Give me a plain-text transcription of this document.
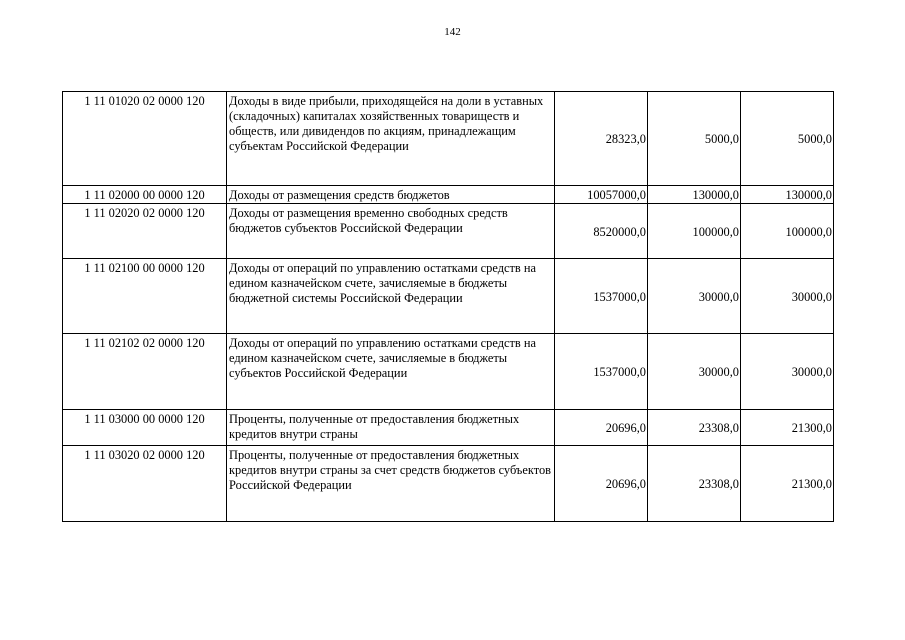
142
1 11 01020 02 0000 120	Доходы в виде прибыли, приходящейся на доли в уставных (складочных) капиталах хозяйственных товариществ и обществ, или дивидендов по акциям, принадлежащим субъектам Российской Федерации	28323,0	5000,0	5000,0
1 11 02000 00 0000 120	Доходы от размещения средств бюджетов	10057000,0	130000,0	130000,0
1 11 02020 02 0000 120	Доходы от размещения временно свободных средств бюджетов субъектов Российской Федерации	8520000,0	100000,0	100000,0
1 11 02100 00 0000 120	Доходы от операций по управлению остатками средств на едином казначейском счете, зачисляемые в бюджеты бюджетной системы Российской Федерации	1537000,0	30000,0	30000,0
1 11 02102 02 0000 120	Доходы от операций по управлению остатками средств на едином казначейском счете, зачисляемые в бюджеты субъектов Российской Федерации	1537000,0	30000,0	30000,0
1 11 03000 00 0000 120	Проценты, полученные от предоставления бюджетных кредитов внутри страны	20696,0	23308,0	21300,0
1 11 03020 02 0000 120	Проценты, полученные от предоставления бюджетных кредитов внутри страны за счет средств бюджетов субъектов Российской Федерации	20696,0	23308,0	21300,0
